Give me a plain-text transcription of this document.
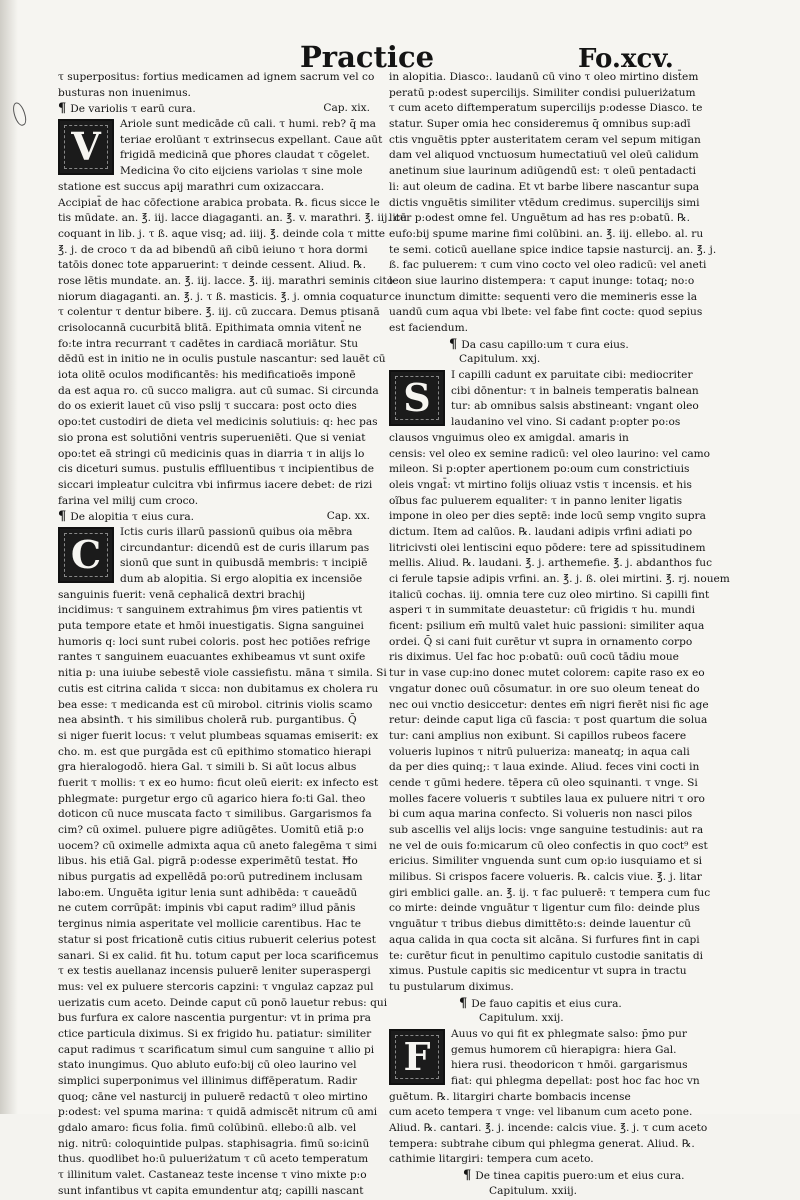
Practice	Fo.xcv.
τ superpositus: fortius medicamen ad ignem sacrum vel co
busturas non inuenimus.
¶ De variolis τ earū cura.	Cap. xix.
V
Ariole sunt medicāde cū cali. τ humi. reb? q̄ ma
teria𝑒 erolūant τ extrinsecus expellant. Caue aūt
frigidā medicinā que pħores claudat τ cōgelet.
Medicina ṽo cito eijciens variolas τ sine mole
statione est succus apij marathri cum oxizaccara.
Accipiat̄ de hac cōfectione arabica probata. ℞. ficus sicce le
tis mūdate. an. ℥. iij. lacce diagaganti. an. ℥. v. marathri. ℥. iij. cū
coquant in lib. j. τ ß. aque visq; ad. iiij. ℥. deinde cola τ mitte
℥. j. de croco τ da ad bibendū añ cibū ieiuno τ hora dormi
tatōis donec tote apparuerint: τ deinde cessent. Aliud. ℞.
rose lētis mundate. an. ℥. iij. lacce. ℥. iij. marathri seminis cito
niorum diagaganti. an. ℥. j. τ ß. masticis. ℥. j. omnia coquatur
τ colentur τ dentur bibere. ℥. iij. cū zuccara. Demus ptisanā
crisolocannā cucurbitā blitā. Epithimata omnia vitent̄ ne
fo:te intra recurrant τ cadētes in cardiacā moriātur. Stu
dēdū est in initio ne in oculis pustule nascantur: sed lauēt cū
iota olitē oculos modificantēs: his medificatioēs imponē
da est aqua ro. cū succo maligra. aut cū sumac. Si circunda
do os exierit lauet cū viso pslij τ succara: post octo dies
opo:tet custodiri de dieta vel medicinis solutiuis: q: hec pas
sio prona est solutiōni ventris superueniēti. Que si veniat
opo:tet eā stringi cū medicinis quas in diarria τ in alijs lo
cis diceturi sumus. pustulis efflluentibus τ incipientibus de
siccari impleatur culcitra vbi infirmus iacere debet: de rizi
farina vel milij cum croco.
¶ De alopitia τ eius cura.	Cap. xx.
C
Ictis curis illarū passionū quibus oia mēbra
circundantur: dicendū est de curis illarum pas
sionū que sunt in quibusdā membris: τ incipiē
dum ab alopitia. Si ergo alopitia ex incensiōe
sanguinis fuerit: venā cephalicā dextri brachij
incidimus: τ sanguinem extrahimus ƥm vires patientis vt
puta tempore etate et hmōi inuestigatis. Signa sanguinei
humoris q: loci sunt rubei coloris. post hec potiōes refrige
rantes τ sanguinem euacuantes exhibeamus vt sunt oxife
nitia p: una iuiube sebestē viole cassiefistu. māna τ simila. Si
cutis est citrina calida τ sicca: non dubitamus ex cholera ru
bea esse: τ medicanda est cū mirobol. citrinis violis scamo
nea absintħ. τ his similibus cholerā rub. purgantibus. Q̄
si niger fuerit locus: τ velut plumbeas squamas emiserit: ex
cho. m. est que purgāda est cū epithimo stomatico hierapi
gra hieralogodō. hiera Gal. τ simili b. Si aūt locus albus
fuerit τ mollis: τ ex eo humo: ficut oleū eierit: ex infecto est
phlegmate: purgetur ergo cū agarico hiera fo:ti Gal. theo
doticon cū nuce muscata facto τ similibus. Gargarismos fa
cim? cū oximel. puluere pigre adiūgētes. Uomitū etiā p:o
uocem? cū oximelle admixta aqua cū aneto falegēma τ simi
libus. his etiā Gal. pigrā p:odesse experimētū testat. Ħo
nibus purgatis ad expellēdā po:orū putredinem inclusam
labo:em. Unguēta igitur lenia sunt adhibēda: τ caueādū
ne cutem corrūpāt: impinis vbi caput radim⁹ illud pānis
terginus nimia asperitate vel mollicie carentibus. Hac te
statur si post fricationē cutis citius rubuerit celerius potest
sanari. Si ex calid. fit ħu. totum caput per loca scarificemus
τ ex testis auellanaz incensis puluerē leniter superaspergi
mus: vel ex puluere stercoris capzini: τ vngulaz capzaz pul
uerizatis cum aceto. Deinde caput cū ponō lauetur rebus: qui
bus furfura ex calore nascentia purgentur: vt in prima pra
ctice particula diximus. Si ex frigido ħu. patiatur: similiter
caput radimus τ scarificatum simul cum sanguine τ allio pi
stato inungimus. Quo abluto eufo:bij cū oleo laurino vel
simplici superponimus vel illinimus diffēperatum. Radir
quoq; cāne vel nasturcij in puluerē redactū τ oleo mirtino
p:odest: vel spuma marina: τ quidā admiscēt nitrum cū ami
gdalo amaro: ficus folia. fimū colūbinū. ellebo:ū alb. vel
nig. nitrū: coloquintide pulpas. staphisagria. fimū so:icinū
thus. quodlibet ho:ū pulueriżatum τ cū aceto temperatum
τ illinitum valet. Castaneaz teste incense τ vino mixte p:o
sunt infantibus vt capita emundentur atq; capilli nascant
in alopitia. Diasco:. laudanū cū vino τ oleo mirtino dist̄em
peratū p:odest supercilijs. Similiter condisi pulueriżatum
τ cum aceto diftemperatum supercilijs p:odesse Diasco. te
statur. Super omia hec consideremus q̄ omnibus sup:adī
ctis vnguētis ppter austeritatem ceram vel sepum mitigan
dam vel aliquod vnctuosum humectatiuū vel oleū calidum
anetinum siue laurinum adiūgendū est: τ oleū pentadacti
li: aut oleum de cadina. Et vt barbe libere nascantur supa
dictis vnguētis similiter vtēdum credimus. supercilijs simi
liter p:odest omne fel. Unguētum ad has res p:obatū. ℞.
eufo:bij spume marine fimi colūbini. an. ℥. iij. ellebo. al. ru
te semi. coticū auellane spice indice tapsie nasturcij. an. ℥. j.
ß. fac puluerem: τ cum vino cocto vel oleo radicū: vel aneti
leon siue laurino distempera: τ caput inunge: totaq; no:o
ce inunctum dimitte: sequenti vero die memineris esse la
uandū cum aqua vbi lbete: vel fabe fint cocte: quod sepius
est faciendum.
¶ Da casu capillo:um τ cura eius.
Capitulum. xxj.
S
I capilli cadunt ex paruitate cibi: mediocriter
cibi dōnentur: τ in balneis temperatis balnean
tur: ab omnibus salsis abstineant: vngant oleo
laudanino vel vino. Si cadant p:opter po:os
clausos vnguimus oleo ex amigdal. amaris in
censis: vel oleo ex semine radicū: vel oleo laurino: vel camo
mileon. Si p:opter apertionem po:oum cum constrictiuis
oleis vngat̄: vt mirtino folijs oliuaz vstis τ incensis. et his
oĩbus fac puluerem equaliter: τ in panno leniter ligatis
impone in oleo per dies septē: inde locū semp vngito supra
dictum. Item ad calūos. ℞. laudani adipis vrfini adiati po
litricivsti olei lentiscini equo pōdere: tere ad spissitudinem
mellis. Aliud. ℞. laudani. ℥. j. arthemefie. ℥. j. abdanthos fuc
ci ferule tapsie adipis vrfini. an. ℥. j. ß. olei mirtini. ℥. rj. nouem
italicū cochas. iij. omnia tere cuz oleo mirtino. Si capilli fint
asperi τ in summitate deuastetur: cū frigidis τ hu. mundi
ficent: psilium em̄ multū valet huic passioni: similiter aqua
ordei. Q̄ si cani fuit curētur vt supra in ornamento corpo
ris diximus. Uel fac hoc p:obatū: ouū cocū tādiu moue
tur in vase cup:ino donec mutet colorem: capite raso ex eo
vngatur donec ouū cōsumatur. in ore suo oleum teneat do
nec oui vnctio desiccetur: dentes em̄ nigri fierēt nisi fic age
retur: deinde caput liga cū fascia: τ post quartum die solua
tur: cani amplius non exibunt. Si capillos rubeos facere
volueris lupinos τ nitrū pulueriza: maneatq; in aqua cali
da per dies quinq;: τ laua exinde. Aliud. feces vini cocti in
cende τ gūmi hedere. tēpera cū oleo squinanti. τ vnge. Si
molles facere volueris τ subtiles laua ex puluere nitri τ oro
bi cum aqua marina confecto. Si volueris non nasci pilos
sub ascellis vel alijs locis: vnge sanguine testudinis: aut ra
ne vel de ouis fo:micarum cū oleo confectis in quo coct⁹ est
ericius. Similiter vnguenda sunt cum op:io iusquiamo et si
milibus. Si crispos facere volueris. ℞. calcis viue. ℥. j. litar
giri emblici galle. an. ℥. ij. τ fac puluerē: τ tempera cum fuc
co mirte: deinde vnguātur τ ligentur cum filo: deinde plus
vnguātur τ tribus diebus dimittēto:s: deinde lauentur cū
aqua calida in qua cocta sit alcāna. Si furfures fint in capi
te: curētur ficut in penultimo capitulo custodie sanitatis di
ximus. Pustule capitis sic medicentur vt supra in tractu
tu pustularum diximus.
¶ De fauo capitis et eius cura.
Capitulum. xxij.
F
Auus vo qui fit ex phlegmate salso: p̄mo pur
gemus humorem cū hierapigra: hiera Gal.
hiera rusi. theodoricon τ hmōi. gargarismus
fiat: qui phlegma depellat: post hoc fac hoc vn
guētum. ℞. litargiri charte bombacis incense
cum aceto tempera τ vnge: vel libanum cum aceto pone.
Aliud. ℞. cantari. ℥. j. incende: calcis viue. ℥. j. τ cum aceto
tempera: subtrahe cibum qui phlegma generat. Aliud. ℞.
cathimie litargiri: tempera cum aceto.
¶ De tinea capitis puero:um et eius cura.
Capitulum. xxiij.
